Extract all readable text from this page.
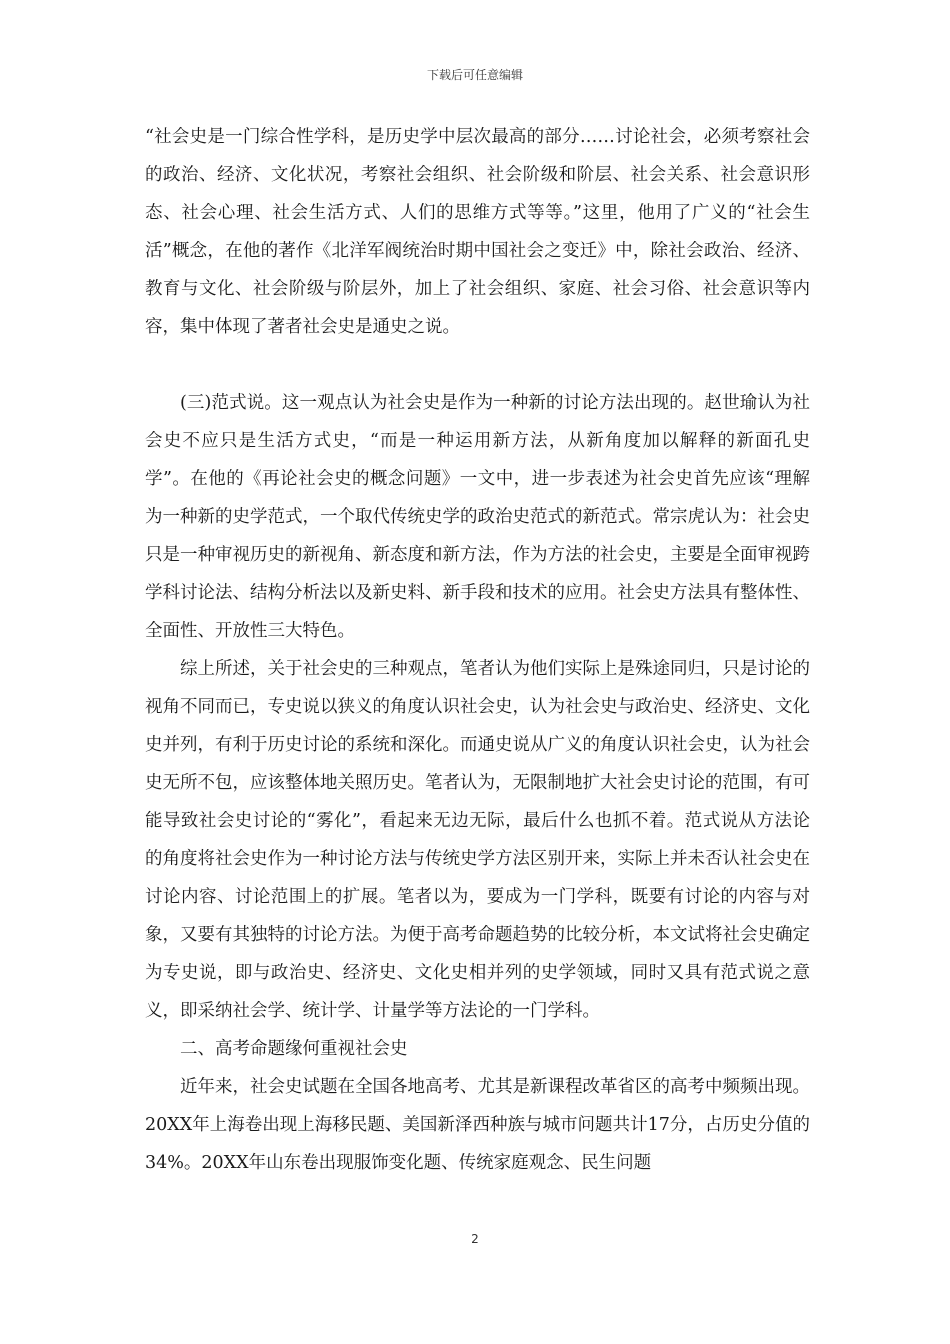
下载后可任意编辑

“社会史是一门综合性学科，是历史学中层次最高的部分……讨论社会，必须考察社会的政治、经济、文化状况，考察社会组织、社会阶级和阶层、社会关系、社会意识形态、社会心理、社会生活方式、人们的思维方式等等。”这里，他用了广义的“社会生活”概念，在他的著作《北洋军阀统治时期中国社会之变迁》中，除社会政治、经济、教育与文化、社会阶级与阶层外，加上了社会组织、家庭、社会习俗、社会意识等内容，集中体现了著者社会史是通史之说。

(三)范式说。这一观点认为社会史是作为一种新的讨论方法出现的。赵世瑜认为社会史不应只是生活方式史，“而是一种运用新方法，从新角度加以解释的新面孔史学”。在他的《再论社会史的概念问题》一文中，进一步表述为社会史首先应该“理解为一种新的史学范式，一个取代传统史学的政治史范式的新范式。常宗虎认为：社会史只是一种审视历史的新视角、新态度和新方法，作为方法的社会史，主要是全面审视跨学科讨论法、结构分析法以及新史料、新手段和技术的应用。社会史方法具有整体性、全面性、开放性三大特色。

综上所述，关于社会史的三种观点，笔者认为他们实际上是殊途同归，只是讨论的视角不同而已，专史说以狭义的角度认识社会史，认为社会史与政治史、经济史、文化史并列，有利于历史讨论的系统和深化。而通史说从广义的角度认识社会史，认为社会史无所不包，应该整体地关照历史。笔者认为，无限制地扩大社会史讨论的范围，有可能导致社会史讨论的“雾化”，看起来无边无际，最后什么也抓不着。范式说从方法论的角度将社会史作为一种讨论方法与传统史学方法区别开来，实际上并未否认社会史在讨论内容、讨论范围上的扩展。笔者以为，要成为一门学科，既要有讨论的内容与对象，又要有其独特的讨论方法。为便于高考命题趋势的比较分析，本文试将社会史确定为专史说，即与政治史、经济史、文化史相并列的史学领域，同时又具有范式说之意义，即采纳社会学、统计学、计量学等方法论的一门学科。

二、高考命题缘何重视社会史

近年来，社会史试题在全国各地高考、尤其是新课程改革省区的高考中频频出现。20XX年上海卷出现上海移民题、美国新泽西种族与城市问题共计17分，占历史分值的34%。20XX年山东卷出现服饰变化题、传统家庭观念、民生问题

2
